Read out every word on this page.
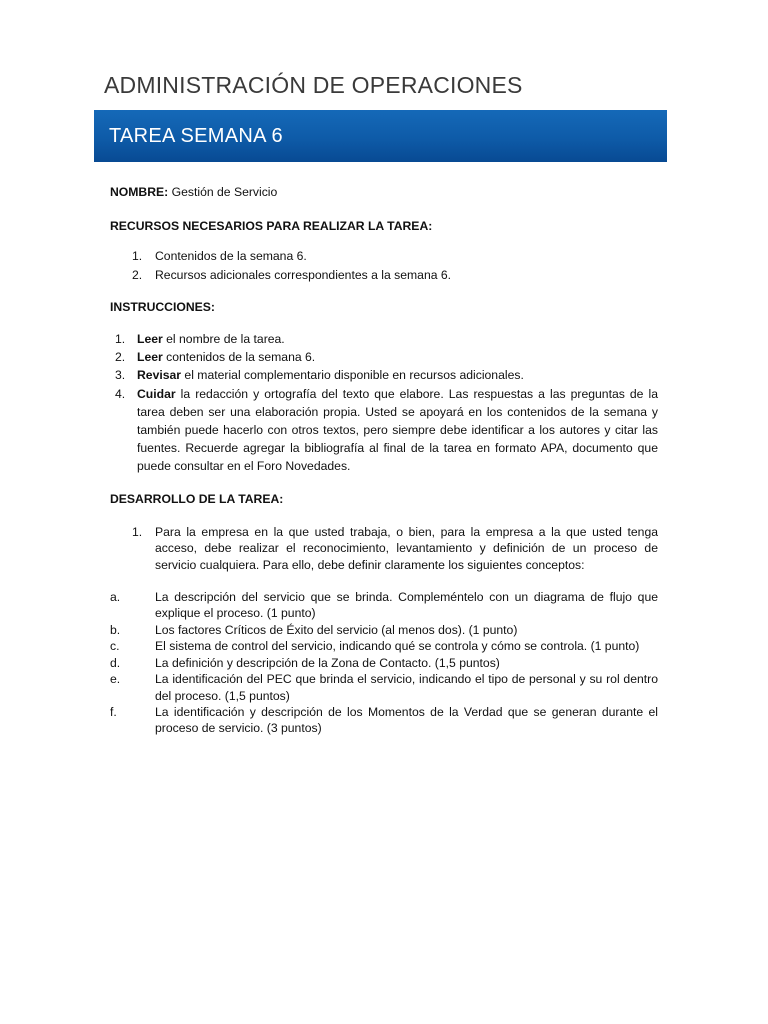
ADMINISTRACIÓN DE OPERACIONES
TAREA SEMANA 6

NOMBRE: Gestión de Servicio

RECURSOS NECESARIOS PARA REALIZAR LA TAREA:

1. Contenidos de la semana 6.
2. Recursos adicionales correspondientes a la semana 6.

INSTRUCCIONES:

1. Leer el nombre de la tarea.
2. Leer contenidos de la semana 6.
3. Revisar el material complementario disponible en recursos adicionales.
4. Cuidar la redacción y ortografía del texto que elabore. Las respuestas a las preguntas de la tarea deben ser una elaboración propia. Usted se apoyará en los contenidos de la semana y también puede hacerlo con otros textos, pero siempre debe identificar a los autores y citar las fuentes. Recuerde agregar la bibliografía al final de la tarea en formato APA, documento que puede consultar en el Foro Novedades.

DESARROLLO DE LA TAREA:

1. Para la empresa en la que usted trabaja, o bien, para la empresa a la que usted tenga acceso, debe realizar el reconocimiento, levantamiento y definición de un proceso de servicio cualquiera. Para ello, debe definir claramente los siguientes conceptos:
a.	La descripción del servicio que se brinda. Compleméntelo con un diagrama de flujo que explique el proceso. (1 punto)
b.	Los factores Críticos de Éxito del servicio (al menos dos). (1 punto)
c.	El sistema de control del servicio, indicando qué se controla y cómo se controla. (1 punto)
d.	La definición y descripción de la Zona de Contacto. (1,5 puntos)
e.	La identificación del PEC que brinda el servicio, indicando el tipo de personal y su rol dentro del proceso. (1,5 puntos)
f.	La identificación y descripción de los Momentos de la Verdad que se generan durante el proceso de servicio. (3 puntos)
